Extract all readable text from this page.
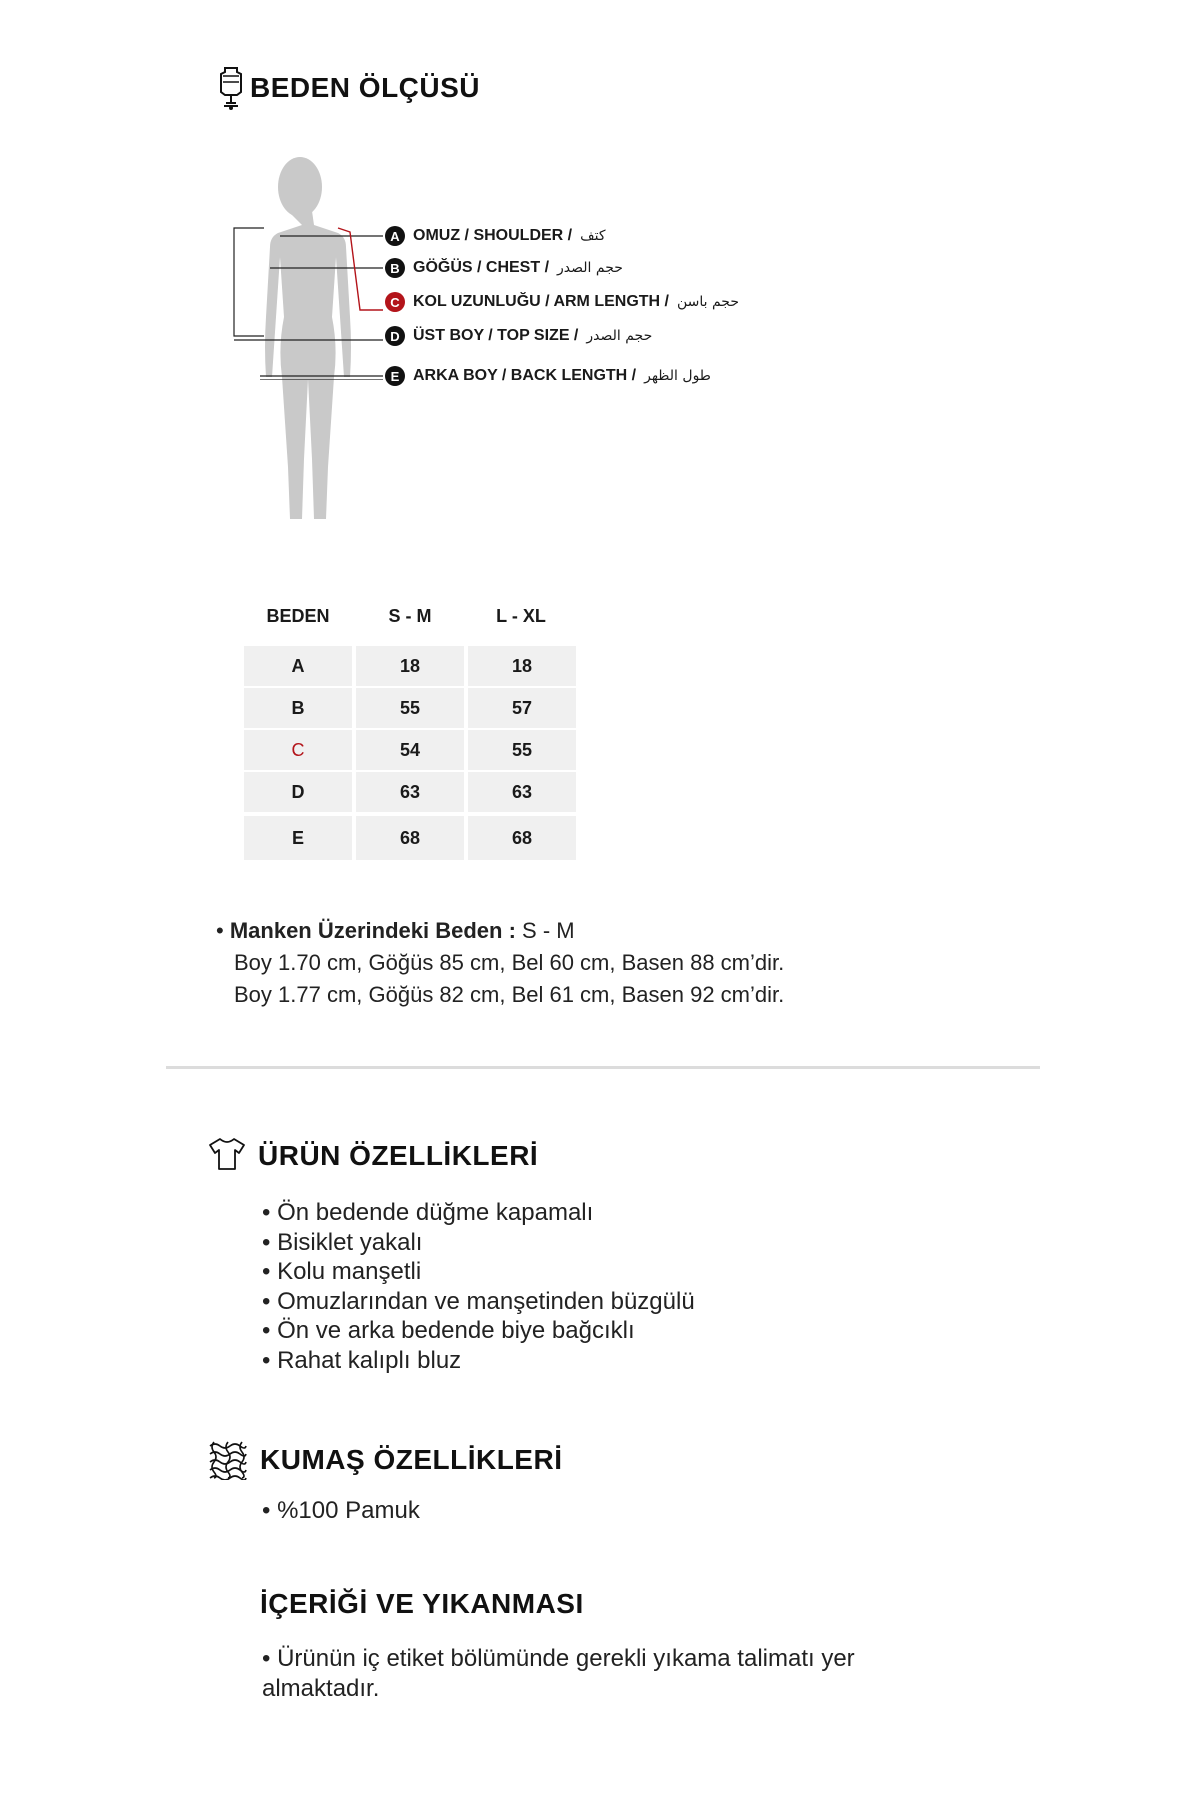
BEDEN ÖLÇÜSÜ
A OMUZ / SHOULDER / كتف
B GÖĞÜS / CHEST / حجم الصدر
C KOL UZUNLUĞU / ARM LENGTH / حجم باسن
D ÜST BOY / TOP SIZE / حجم الصدر
E ARKA BOY / BACK LENGTH / طول الظهر
BEDEN	S - M	L - XL
A	18	18
B	55	57
C	54	55
D	63	63
E	68	68
• Manken Üzerindeki Beden : S - M
Boy 1.70 cm, Göğüs 85 cm, Bel 60 cm, Basen 88 cm’dir.
Boy 1.77 cm, Göğüs 82 cm, Bel 61 cm, Basen 92 cm’dir.
ÜRÜN ÖZELLİKLERİ
• Ön bedende düğme kapamalı
• Bisiklet yakalı
• Kolu manşetli
• Omuzlarından ve manşetinden büzgülü
• Ön ve arka bedende biye bağcıklı
• Rahat kalıplı bluz
KUMAŞ ÖZELLİKLERİ
• %100 Pamuk
İÇERİĞİ VE YIKANMASI
• Ürünün iç etiket bölümünde gerekli yıkama talimatı yer almaktadır.
